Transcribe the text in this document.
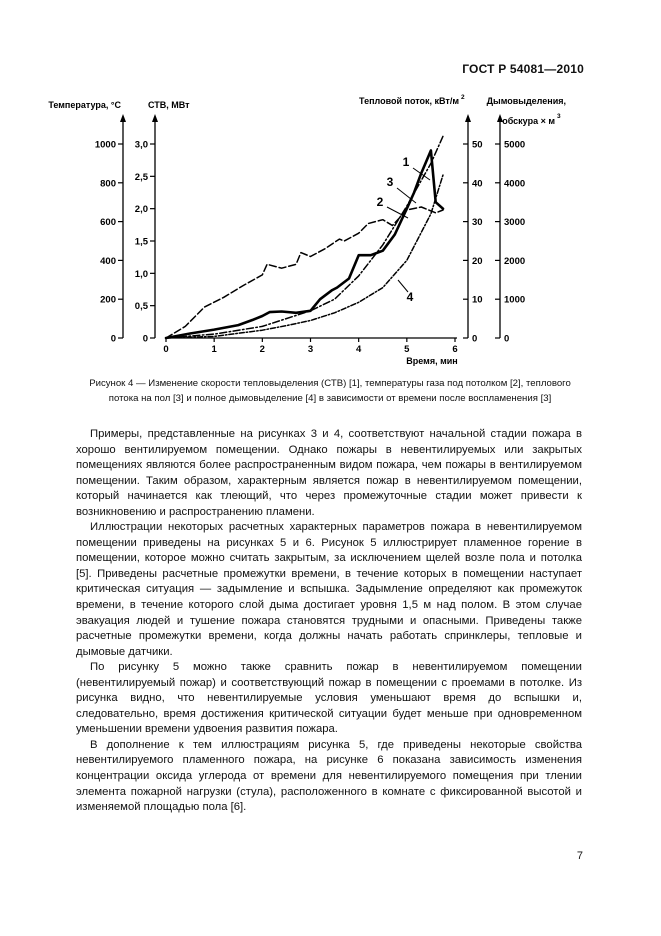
ГОСТ Р 54081—2010
0	1	2	3	4	5	6
Время, мин
0
200
400
600
800
1000
0
0,5
1,0
1,5
2,0
2,5
3,0
0
10
20
30
40
50
0
1000
2000
3000
4000
5000
Температура, °С	СТВ, МВт	Тепловой поток, кВт/м 2 Дымовыделения,
обскура × м 3
1
2
3
4
Рисунок 4 — Изменение скорости тепловыделения (СТВ) [1], температуры газа под потолком [2], теплового
потока на пол [3] и полное дымовыделение [4] в зависимости от времени после воспламенения [3]

Примеры, представленные на рисунках 3 и 4, соответствуют начальной стадии пожара в хорошо вентилируемом помещении. Однако пожары в невентилируемых или закрытых помещениях являются более распространенным видом пожара, чем пожары в вентилируемом помещении. Таким образом, характерным является пожар в невентилируемом помещении, который начинается как тлеющий, что через промежуточные стадии может привести к возникновению и распространению пламени.

Иллюстрации некоторых расчетных характерных параметров пожара в невентилируемом помещении приведены на рисунках 5 и 6. Рисунок 5 иллюстрирует пламенное горение в помещении, которое можно считать закрытым, за исключением щелей возле пола и потолка [5]. Приведены расчетные промежутки времени, в течение которых в помещении наступает критическая ситуация — задымление и вспышка. Задымление определяют как промежуток времени, в течение которого слой дыма достигает уровня 1,5 м над полом. В этом случае эвакуация людей и тушение пожара становятся трудными и опасными. Приведены также расчетные промежутки времени, когда должны начать работать спринклеры, тепловые и дымовые датчики.

По рисунку 5 можно также сравнить пожар в невентилируемом помещении (невентилируемый пожар) и соответствующий пожар в помещении с проемами в потолке. Из рисунка видно, что невентилируемые условия уменьшают время до вспышки и, следовательно, время достижения критической ситуации будет меньше при одновременном уменьшении времени удвоения развития пожара.

В дополнение к тем иллюстрациям рисунка 5, где приведены некоторые свойства невентилируемого пламенного пожара, на рисунке 6 показана зависимость изменения концентрации оксида углерода от времени для невентилируемого помещения при тлении элемента пожарной нагрузки (стула), расположенного в комнате с фиксированной высотой и изменяемой площадью пола [6].

7
